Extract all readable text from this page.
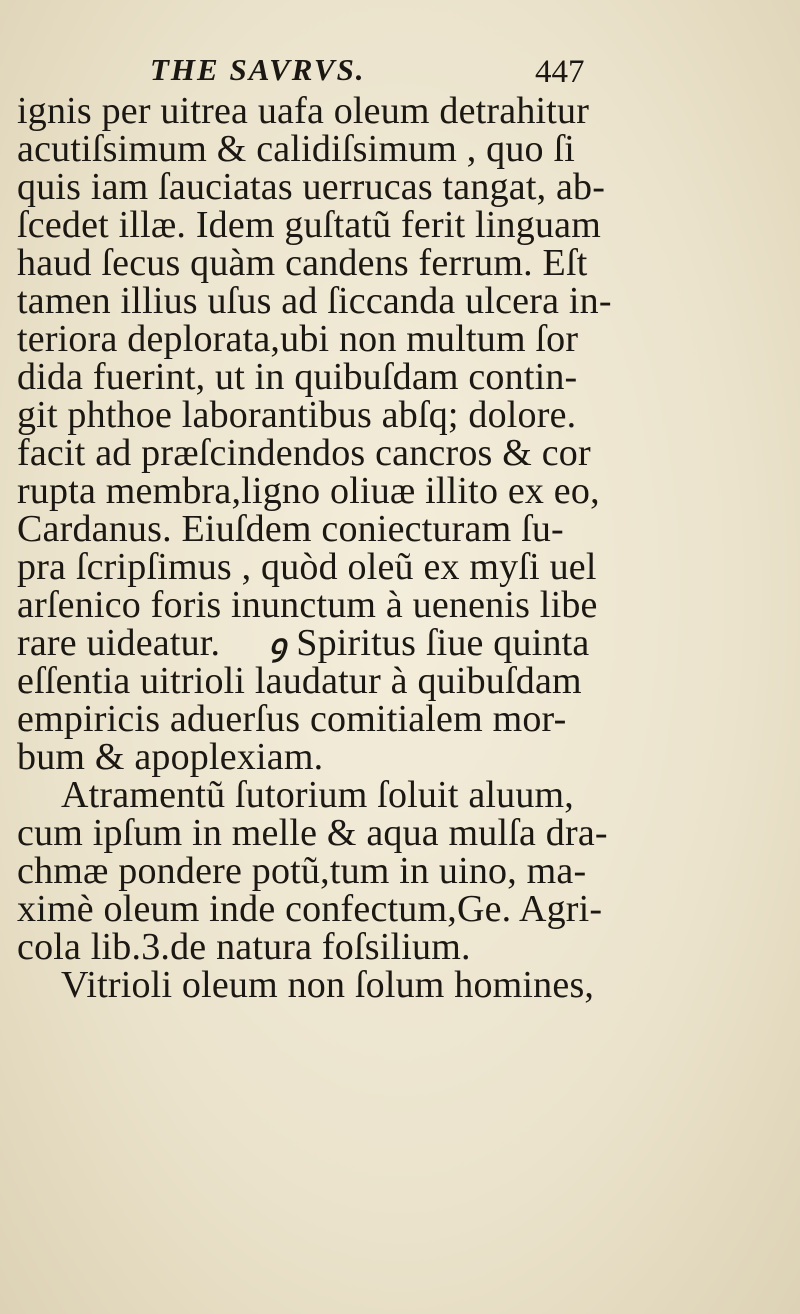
THE SAVRVS.	447
ignis per uitrea uafa oleum detrahitur
acutiſsimum & calidiſsimum , quo ſi
quis iam ſauciatas uerrucas tangat, ab-
ſcedet illæ. Idem guſtatũ ferit linguam
haud ſecus quàm candens ferrum. Eſt
tamen illius uſus ad ſiccanda ulcera in-
teriora deplorata,ubi non multum ſor
dida fuerint, ut in quibuſdam contin-
git phthoe laborantibus abſq; dolore.
facit ad præſcindendos cancros & cor
rupta membra,ligno oliuæ illito ex eo,
Cardanus. Eiuſdem coniecturam ſu-
pra ſcripſimus , quòd oleũ ex myſi uel
arſenico foris inunctum à uenenis libe
rare uideatur. ꝯ Spiritus ſiue quinta
eſſentia uitrioli laudatur à quibuſdam
empiricis aduerſus comitialem mor-
bum & apoplexiam.
Atramentũ ſutorium ſoluit aluum,
cum ipſum in melle & aqua mulſa dra-
chmæ pondere potũ,tum in uino, ma-
ximè oleum inde confectum,Ge. Agri-
cola lib.3.de natura foſsilium.
Vitrioli oleum non ſolum homines,
